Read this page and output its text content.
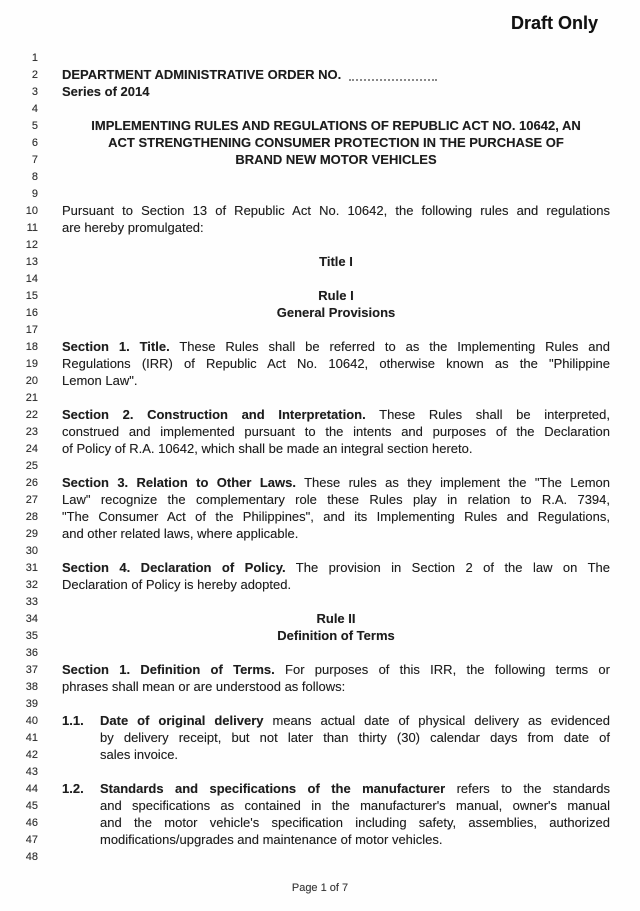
Draft Only
1
2 DEPARTMENT ADMINISTRATIVE ORDER NO.
3 Series of 2014
4
5	IMPLEMENTING RULES AND REGULATIONS OF REPUBLIC ACT NO. 10642, AN
6	ACT STRENGTHENING CONSUMER PROTECTION IN THE PURCHASE OF
7	BRAND NEW MOTOR VEHICLES
8
9
10 Pursuant to Section 13 of Republic Act No. 10642, the following rules and regulations
11 are hereby promulgated:
12
13	Title I
14
15	Rule I
16	General Provisions
17
18 Section 1. Title. These Rules shall be referred to as the Implementing Rules and
19 Regulations (IRR) of Republic Act No. 10642, otherwise known as the "Philippine
20 Lemon Law".
21
22 Section 2. Construction and Interpretation. These Rules shall be interpreted,
23 construed and implemented pursuant to the intents and purposes of the Declaration
24 of Policy of R.A. 10642, which shall be made an integral section hereto.
25
26 Section 3. Relation to Other Laws. These rules as they implement the "The Lemon
27 Law" recognize the complementary role these Rules play in relation to R.A. 7394,
28 "The Consumer Act of the Philippines", and its Implementing Rules and Regulations,
29 and other related laws, where applicable.
30
31 Section 4. Declaration of Policy. The provision in Section 2 of the law on The
32 Declaration of Policy is hereby adopted.
33
34	Rule II
35	Definition of Terms
36
37 Section 1. Definition of Terms. For purposes of this IRR, the following terms or
38 phrases shall mean or are understood as follows:
39
40 1.1. Date of original delivery means actual date of physical delivery as evidenced
41	by delivery receipt, but not later than thirty (30) calendar days from date of
42	sales invoice.
43
44 1.2. Standards and specifications of the manufacturer refers to the standards
45	and specifications as contained in the manufacturer's manual, owner's manual
46	and the motor vehicle's specification including safety, assemblies, authorized
47	modifications/upgrades and maintenance of motor vehicles.
48
Page 1 of 7
